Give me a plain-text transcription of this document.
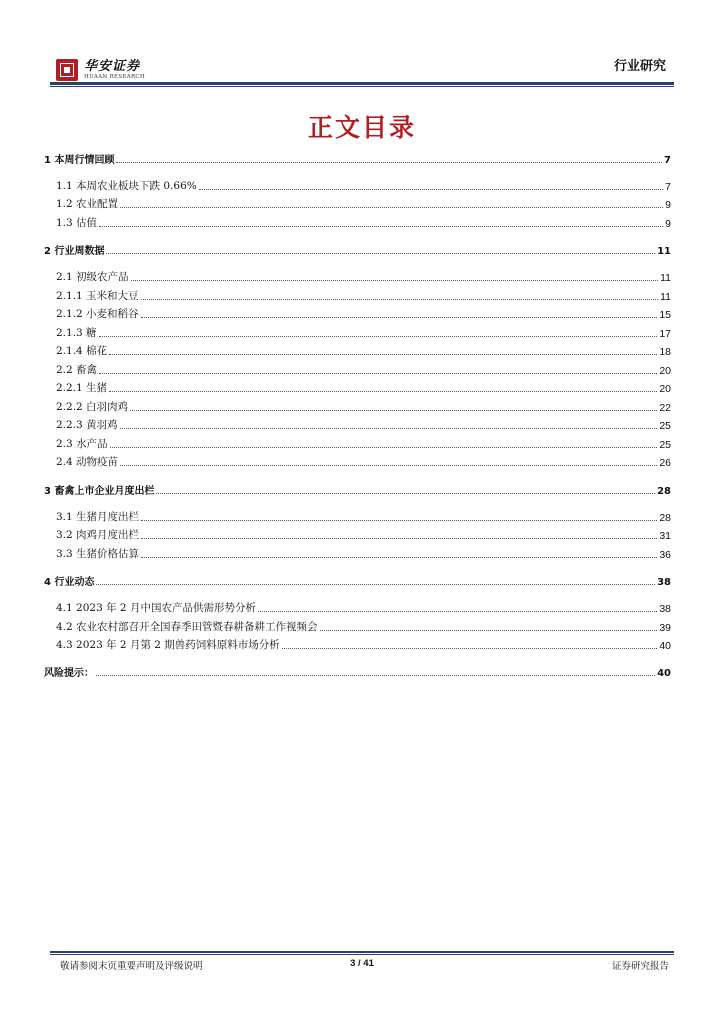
华安证券
HUAAN RESEARCH
行业研究
正文目录
1 本周行情回顾	7
1.1 本周农业板块下跌 0.66%	7
1.2 农业配置	9
1.3 估值	9
2 行业周数据	11
2.1 初级农产品	11
2.1.1 玉米和大豆	11
2.1.2 小麦和稻谷	15
2.1.3 糖	17
2.1.4 棉花	18
2.2 畜禽	20
2.2.1 生猪	20
2.2.2 白羽肉鸡	22
2.2.3 黄羽鸡	25
2.3 水产品	25
2.4 动物疫苗	26
3 畜禽上市企业月度出栏	28
3.1 生猪月度出栏	28
3.2 肉鸡月度出栏	31
3.3 生猪价格估算	36
4 行业动态	38
4.1 2023 年 2 月中国农产品供需形势分析	38
4.2 农业农村部召开全国春季田管暨春耕备耕工作视频会	39
4.3 2023 年 2 月第 2 期兽药饲料原料市场分析	40
风险提示：	40
敬请参阅末页重要声明及评级说明	3 / 41	证券研究报告
